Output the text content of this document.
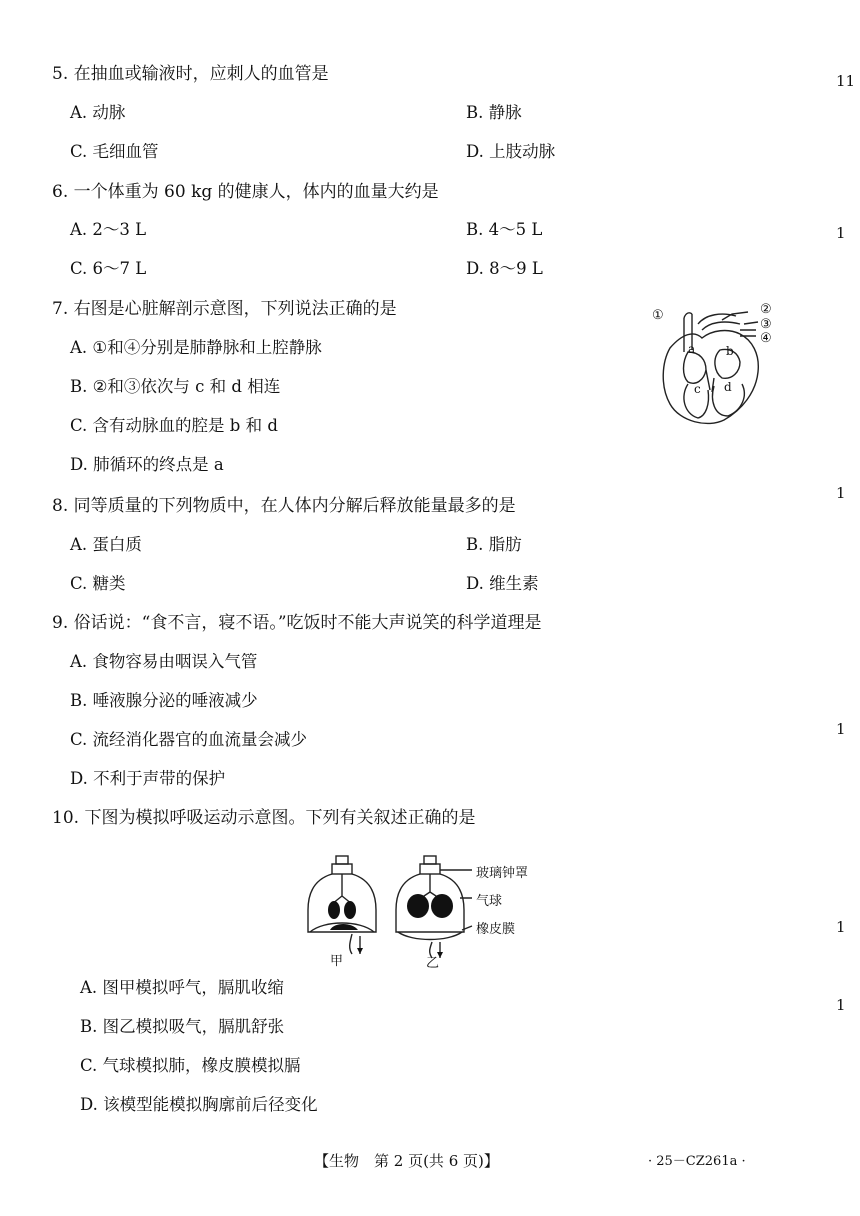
5. 在抽血或输液时，应刺人的血管是
A. 动脉	B. 静脉
C. 毛细血管	D. 上肢动脉
6. 一个体重为 60 kg 的健康人，体内的血量大约是
A. 2～3 L	B. 4～5 L
C. 6～7 L	D. 8～9 L
7. 右图是心脏解剖示意图，下列说法正确的是
A. ①和④分别是肺静脉和上腔静脉
B. ②和③依次与 c 和 d 相连
C. 含有动脉血的腔是 b 和 d
D. 肺循环的终点是 a
①	②
③
④
a	b
c d
8. 同等质量的下列物质中，在人体内分解后释放能量最多的是
A. 蛋白质	B. 脂肪
C. 糖类	D. 维生素
9. 俗话说：“食不言，寝不语。”吃饭时不能大声说笑的科学道理是
A. 食物容易由咽误入气管
B. 唾液腺分泌的唾液减少
C. 流经消化器官的血流量会减少
D. 不利于声带的保护
10. 下图为模拟呼吸运动示意图。下列有关叙述正确的是
玻璃钟罩
气球
橡皮膜
甲	乙
A. 图甲模拟呼气，膈肌收缩
B. 图乙模拟吸气，膈肌舒张
C. 气球模拟肺，橡皮膜模拟膈
D. 该模型能模拟胸廓前后径变化
11
1
1
1
1
1
【生物　第 2 页(共 6 页)】	· 25－CZ261a ·
